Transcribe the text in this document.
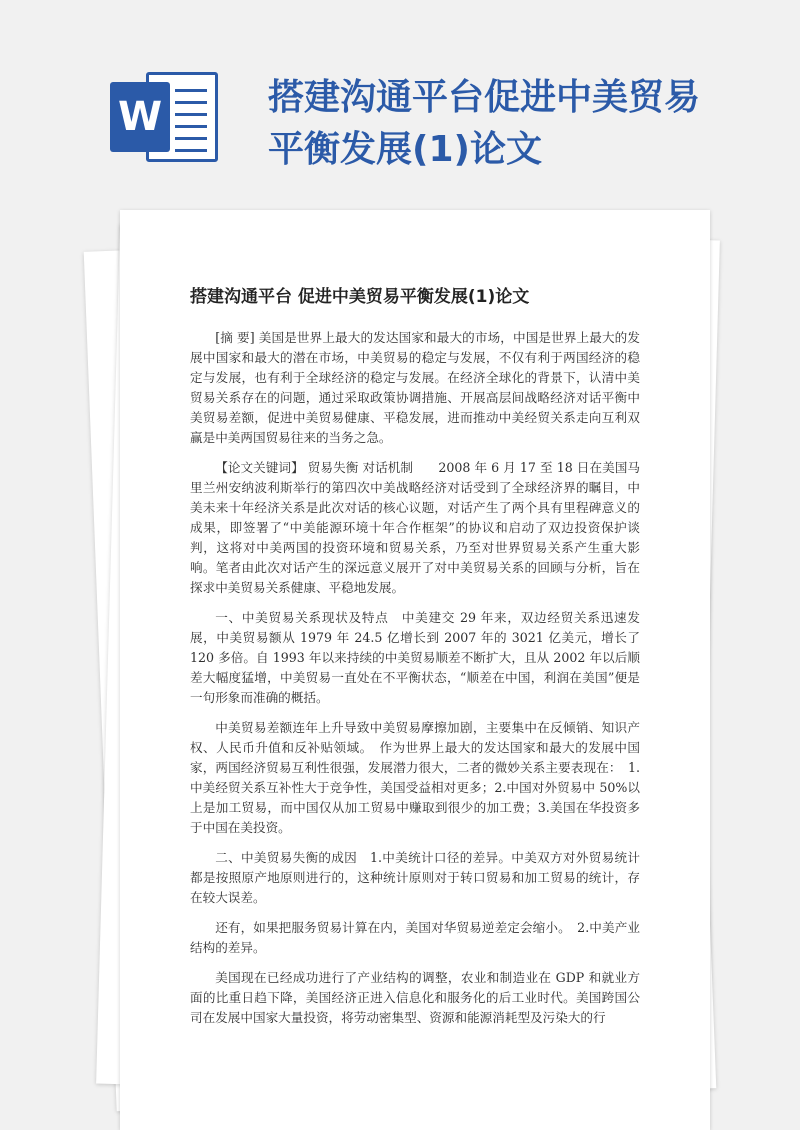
W	搭建沟通平台促进中美贸易平衡发展(1)论文
搭建沟通平台 促进中美贸易平衡发展(1)论文

[摘 要] 美国是世界上最大的发达国家和最大的市场，中国是世界上最大的发展中国家和最大的潜在市场，中美贸易的稳定与发展，不仅有利于两国经济的稳定与发展，也有利于全球经济的稳定与发展。在经济全球化的背景下，认清中美贸易关系存在的问题，通过采取政策协调措施、开展高层间战略经济对话平衡中美贸易差额，促进中美贸易健康、平稳发展，进而推动中美经贸关系走向互利双赢是中美两国贸易往来的当务之急。

【论文关键词】 贸易失衡 对话机制　　2008 年 6 月 17 至 18 日在美国马里兰州安纳波利斯举行的第四次中美战略经济对话受到了全球经济界的瞩目，中美未来十年经济关系是此次对话的核心议题，对话产生了两个具有里程碑意义的成果，即签署了“中美能源环境十年合作框架”的协议和启动了双边投资保护谈判，这将对中美两国的投资环境和贸易关系，乃至对世界贸易关系产生重大影响。笔者由此次对话产生的深远意义展开了对中美贸易关系的回顾与分析，旨在探求中美贸易关系健康、平稳地发展。

一、中美贸易关系现状及特点　中美建交 29 年来，双边经贸关系迅速发展，中美贸易额从 1979 年 24.5 亿增长到 2007 年的 3021 亿美元，增长了 120 多倍。自 1993 年以来持续的中美贸易顺差不断扩大，且从 2002 年以后顺差大幅度猛增，中美贸易一直处在不平衡状态，“顺差在中国，利润在美国”便是一句形象而准确的概括。

中美贸易差额连年上升导致中美贸易摩擦加剧，主要集中在反倾销、知识产权、人民币升值和反补贴领域。　作为世界上最大的发达国家和最大的发展中国家，两国经济贸易互利性很强，发展潜力很大，二者的微妙关系主要表现在：　1.中美经贸关系互补性大于竞争性，美国受益相对更多；2.中国对外贸易中 50%以上是加工贸易，而中国仅从加工贸易中赚取到很少的加工费；3.美国在华投资多于中国在美投资。

二、中美贸易失衡的成因　1.中美统计口径的差异。中美双方对外贸易统计都是按照原产地原则进行的，这种统计原则对于转口贸易和加工贸易的统计，存在较大误差。

还有，如果把服务贸易计算在内，美国对华贸易逆差定会缩小。　2.中美产业结构的差异。

美国现在已经成功进行了产业结构的调整，农业和制造业在 GDP 和就业方面的比重日趋下降，美国经济正进入信息化和服务化的后工业时代。美国跨国公司在发展中国家大量投资，将劳动密集型、资源和能源消耗型及污染大的行
